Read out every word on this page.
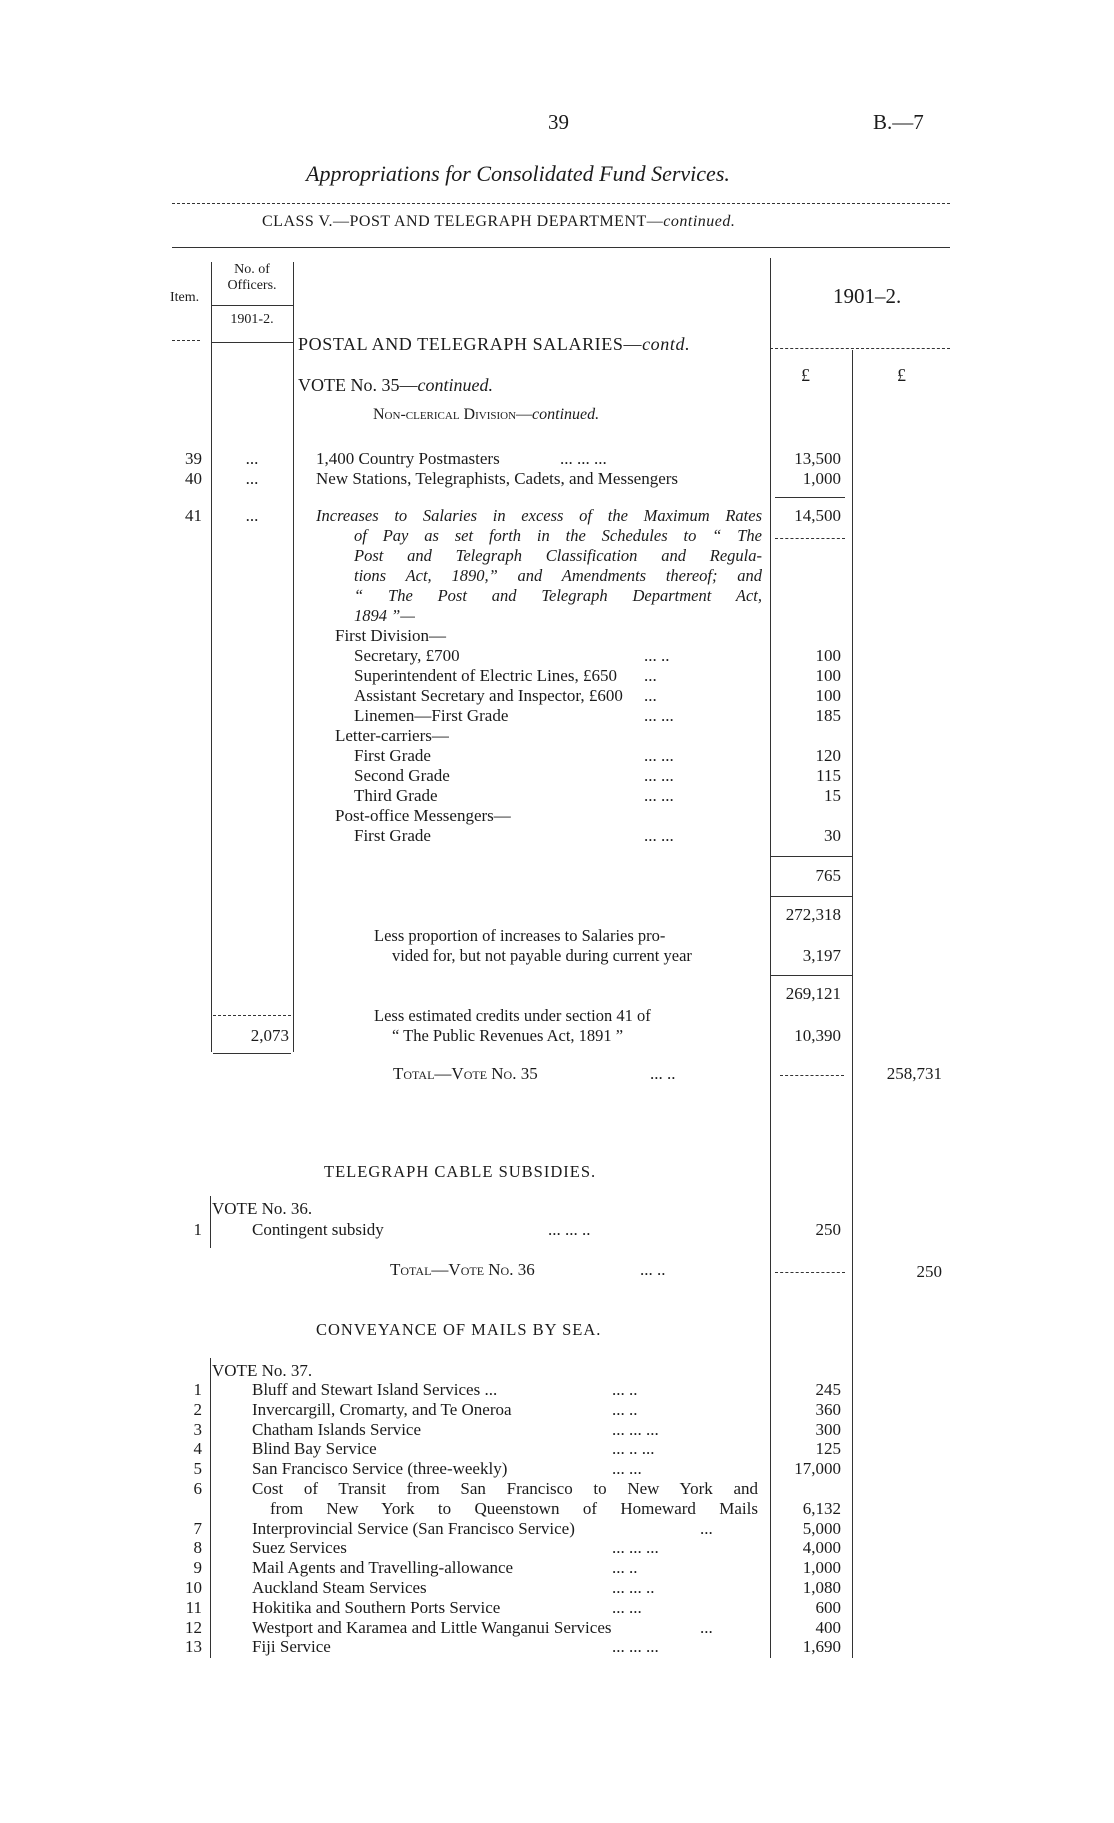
39	B.—7
Appropriations for Consolidated Fund Services.
CLASS V.—POST AND TELEGRAPH DEPARTMENT—continued.
Item.
No. of
Officers.
1901-2.
1901–2.
£	£
POSTAL AND TELEGRAPH SALARIES—contd.
VOTE No. 35—continued.
Non-clerical Division—continued.
39	...	1,400 Country Postmasters	... ... ...	13,500
40	...	New Stations, Telegraphists, Cadets, and Messengers	1,000
41	...	14,500
Increases to Salaries in excess of the Maximum Rates
of Pay as set forth in the Schedules to “ The
Post and Telegraph Classification and Regula-
tions Act, 1890,” and Amendments thereof; and
“ The Post and Telegraph Department Act,
1894 ”—
First Division—
Secretary, £700	... ..	100
Superintendent of Electric Lines, £650 ...	100
Assistant Secretary and Inspector, £600 ...	100
Linemen—First Grade	... ...	185
Letter-carriers—
First Grade	... ...	120
Second Grade	... ...	115
Third Grade	... ...	15
Post-office Messengers—
First Grade	... ...	30
765
272,318
Less proportion of increases to Salaries pro-
vided for, but not payable during current year	3,197
269,121
Less estimated credits under section 41 of
“ The Public Revenues Act, 1891 ”
2,073	10,390
Total—Vote No. 35	... ..	258,731
TELEGRAPH CABLE SUBSIDIES.
VOTE No. 36.
1	Contingent subsidy	... ... ..	250
Total—Vote No. 36	... ..	250
CONVEYANCE OF MAILS BY SEA.
VOTE No. 37.
1	Bluff and Stewart Island Services ...	... ..	245
2	Invercargill, Cromarty, and Te Oneroa	... ..	360
3	Chatham Islands Service	... ... ...	300
4	Blind Bay Service	... .. ...	125
5	San Francisco Service (three-weekly)	... ...	17,000
6	Cost of Transit from San Francisco to New York and
from New York to Queenstown of Homeward Mails	6,132
7	Interprovincial Service (San Francisco Service)	...	5,000
8	Suez Services	... ... ...	4,000
9	Mail Agents and Travelling-allowance	... ..	1,000
10	Auckland Steam Services	... ... ..	1,080
11	Hokitika and Southern Ports Service	... ...	600
12	Westport and Karamea and Little Wanganui Services	...	400
13	Fiji Service	... ... ...	1,690
